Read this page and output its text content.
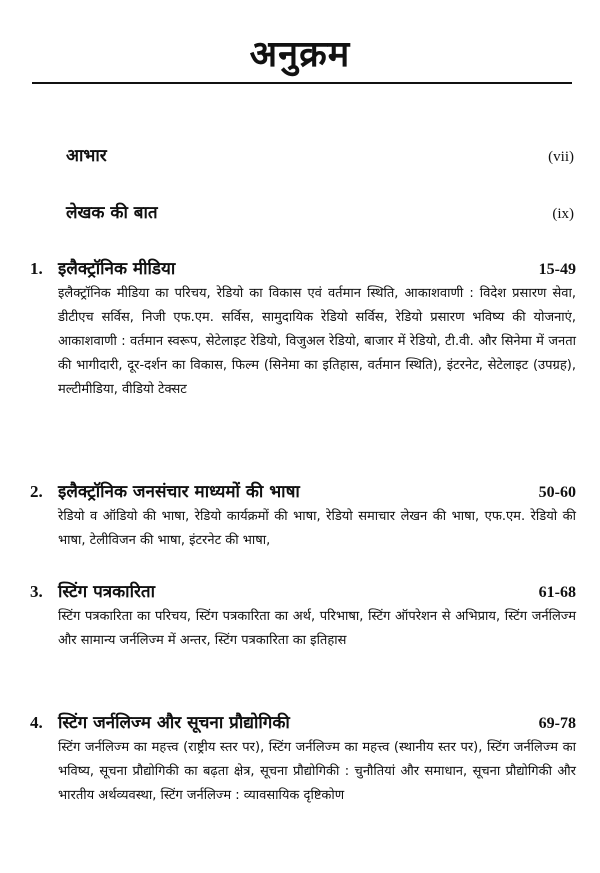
अनुक्रम
आभार	(vii)
लेखक की बात	(ix)
1. इलैक्ट्रॉनिक मीडिया	15-49
इलैक्ट्रॉनिक मीडिया का परिचय, रेडियो का विकास एवं वर्तमान स्थिति, आकाशवाणी : विदेश प्रसारण सेवा, डीटीएच सर्विस, निजी एफ.एम. सर्विस, सामुदायिक रेडियो सर्विस, रेडियो प्रसारण भविष्य की योजनाएं, आकाशवाणी : वर्तमान स्वरूप, सेटेलाइट रेडियो, विजुअल रेडियो, बाजार में रेडियो, टी.वी. और सिनेमा में जनता की भागीदारी, दूर-दर्शन का विकास, फिल्म (सिनेमा का इतिहास, वर्तमान स्थिति), इंटरनेट, सेटेलाइट (उपग्रह), मल्टीमीडिया, वीडियो टेक्सट
2. इलैक्ट्रॉनिक जनसंचार माध्यमों की भाषा	50-60
रेडियो व ऑडियो की भाषा, रेडियो कार्यक्रमों की भाषा, रेडियो समाचार लेखन की भाषा, एफ.एम. रेडियो की भाषा, टेलीविजन की भाषा, इंटरनेट की भाषा,
3. स्टिंग पत्रकारिता	61-68
स्टिंग पत्रकारिता का परिचय, स्टिंग पत्रकारिता का अर्थ, परिभाषा, स्टिंग ऑपरेशन से अभिप्राय, स्टिंग जर्नलिज्म और सामान्य जर्नलिज्म में अन्तर, स्टिंग पत्रकारिता का इतिहास
4. स्टिंग जर्नलिज्म और सूचना प्रौद्योगिकी	69-78
स्टिंग जर्नलिज्म का महत्त्व (राष्ट्रीय स्तर पर), स्टिंग जर्नलिज्म का महत्त्व (स्थानीय स्तर पर), स्टिंग जर्नलिज्म का भविष्य, सूचना प्रौद्योगिकी का बढ़ता क्षेत्र, सूचना प्रौद्योगिकी : चुनौतियां और समाधान, सूचना प्रौद्योगिकी और भारतीय अर्थव्यवस्था, स्टिंग जर्नलिज्म : व्यावसायिक दृष्टिकोण
